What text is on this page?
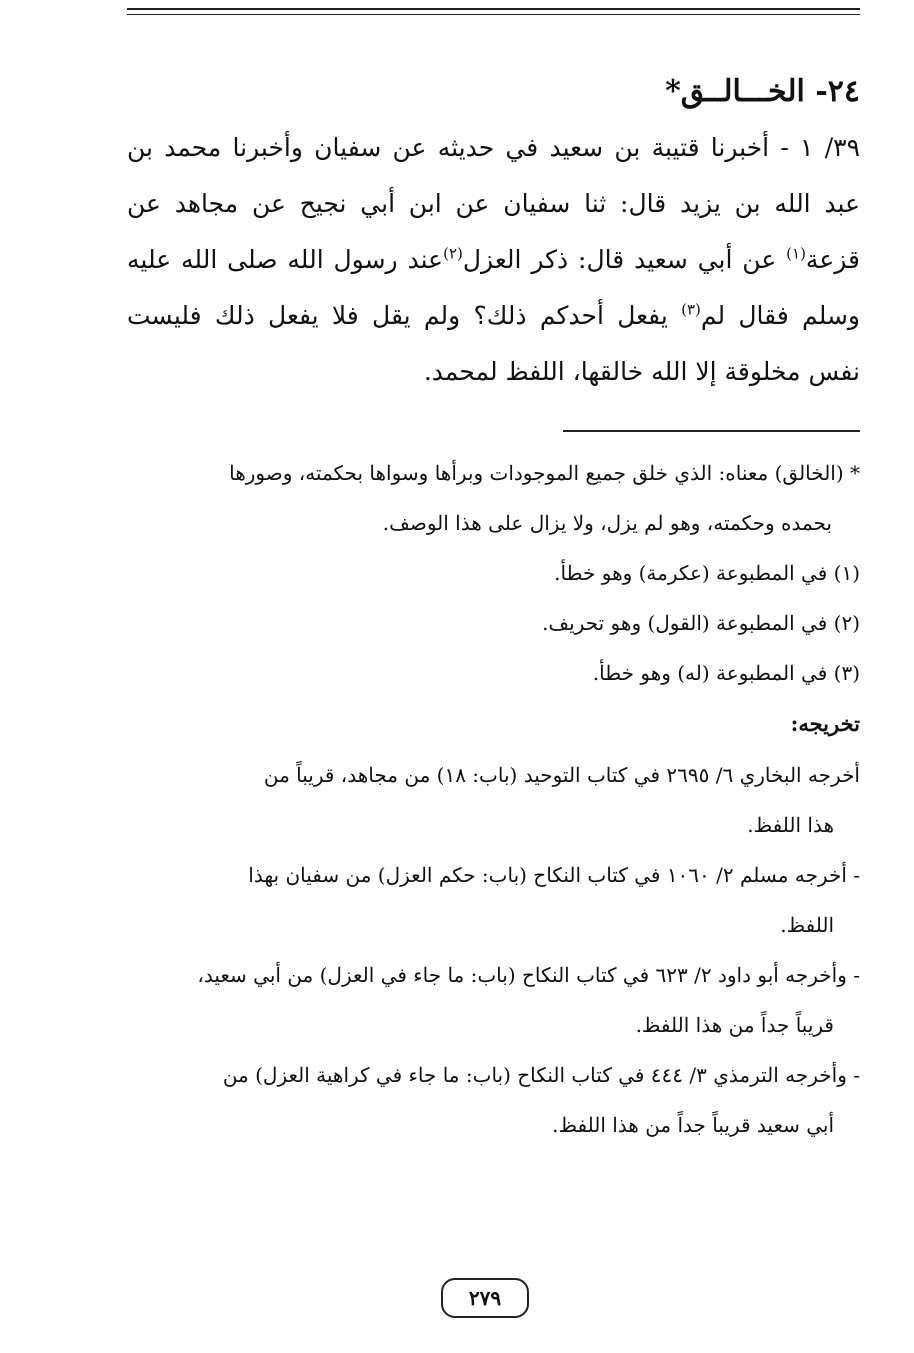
٢٤- الخـــالــق*

٣٩/ ١ - أخبرنا قتيبة بن سعيد في حديثه عن سفيان وأخبرنا محمد بن عبد الله بن يزيد قال: ثنا سفيان عن ابن أبي نجيح عن مجاهد عن قزعة$^{(١)}$ عن أبي سعيد قال: ذكر العزل$^{(٢)}$عند رسول الله صلى الله عليه وسلم فقال لم$^{(٣)}$ يفعل أحدكم ذلك؟ ولم يقل فلا يفعل ذلك فليست نفس مخلوقة إلا الله خالقها، اللفظ لمحمد.

* (الخالق) معناه: الذي خلق جميع الموجودات وبرأها وسواها بحكمته، وصورها
بحمده وحكمته، وهو لم يزل، ولا يزال على هذا الوصف.
(١) في المطبوعة (عكرمة) وهو خطأ.
(٢) في المطبوعة (القول) وهو تحريف.
(٣) في المطبوعة (له) وهو خطأ.
تخريجه:
أخرجه البخاري ٦/ ٢٦٩٥ في كتاب التوحيد (باب: ١٨) من مجاهد، قريباً من
هذا اللفظ.
- أخرجه مسلم ٢/ ١٠٦٠ في كتاب النكاح (باب: حكم العزل) من سفيان بهذا
اللفظ.
- وأخرجه أبو داود ٢/ ٦٢٣ في كتاب النكاح (باب: ما جاء في العزل) من أبي سعيد،
قريباً جداً من هذا اللفظ.
- وأخرجه الترمذي ٣/ ٤٤٤ في كتاب النكاح (باب: ما جاء في كراهية العزل) من
أبي سعيد قريباً جداً من هذا اللفظ.
٢٧٩
